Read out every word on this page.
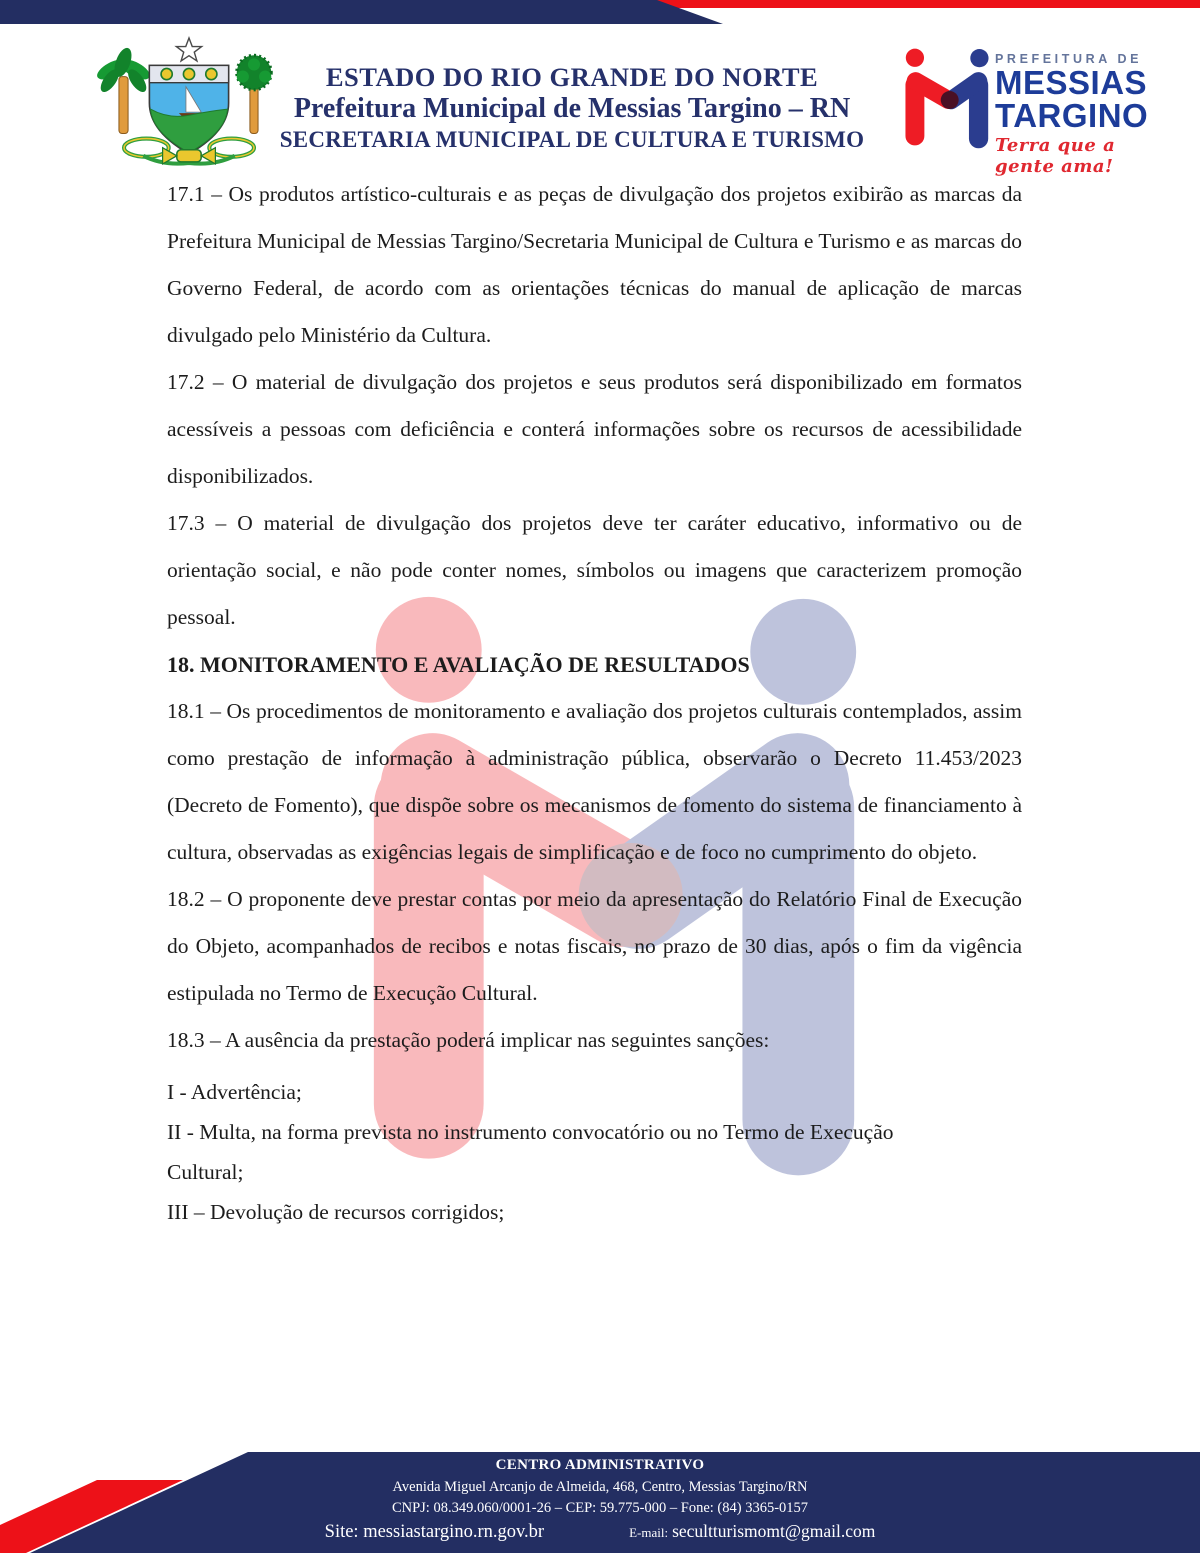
ESTADO DO RIO GRANDE DO NORTE
Prefeitura Municipal de Messias Targino – RN
SECRETARIA MUNICIPAL DE CULTURA E TURISMO
PREFEITURA DE
MESSIAS
TARGINO
Terra que a gente ama!

17.1 – Os produtos artístico-culturais e as peças de divulgação dos projetos exibirão as marcas da Prefeitura Municipal de Messias Targino/Secretaria Municipal de Cultura e Turismo e as marcas do Governo Federal, de acordo com as orientações técnicas do manual de aplicação de marcas divulgado pelo Ministério da Cultura.

17.2 – O material de divulgação dos projetos e seus produtos será disponibilizado em formatos acessíveis a pessoas com deficiência e conterá informações sobre os recursos de acessibilidade disponibilizados.

17.3 – O material de divulgação dos projetos deve ter caráter educativo, informativo ou de orientação social, e não pode conter nomes, símbolos ou imagens que caracterizem promoção pessoal.

18. MONITORAMENTO E AVALIAÇÃO DE RESULTADOS

18.1 – Os procedimentos de monitoramento e avaliação dos projetos culturais contemplados, assim como prestação de informação à administração pública, observarão o Decreto 11.453/2023 (Decreto de Fomento), que dispõe sobre os mecanismos de fomento do sistema de financiamento à cultura, observadas as exigências legais de simplificação e de foco no cumprimento do objeto.

18.2 – O proponente deve prestar contas por meio da apresentação do Relatório Final de Execução do Objeto, acompanhados de recibos e notas fiscais, no prazo de 30 dias, após o fim da vigência estipulada no Termo de Execução Cultural.

18.3 – A ausência da prestação poderá implicar nas seguintes sanções:

I - Advertência;
II - Multa, na forma prevista no instrumento convocatório ou no Termo de Execução Cultural;
III – Devolução de recursos corrigidos;
CENTRO ADMINISTRATIVO
Avenida Miguel Arcanjo de Almeida, 468, Centro, Messias Targino/RN
CNPJ: 08.349.060/0001-26 – CEP: 59.775-000 – Fone: (84) 3365-0157
Site: messiastargino.rn.gov.br	E-mail: secultturismomt@gmail.com
